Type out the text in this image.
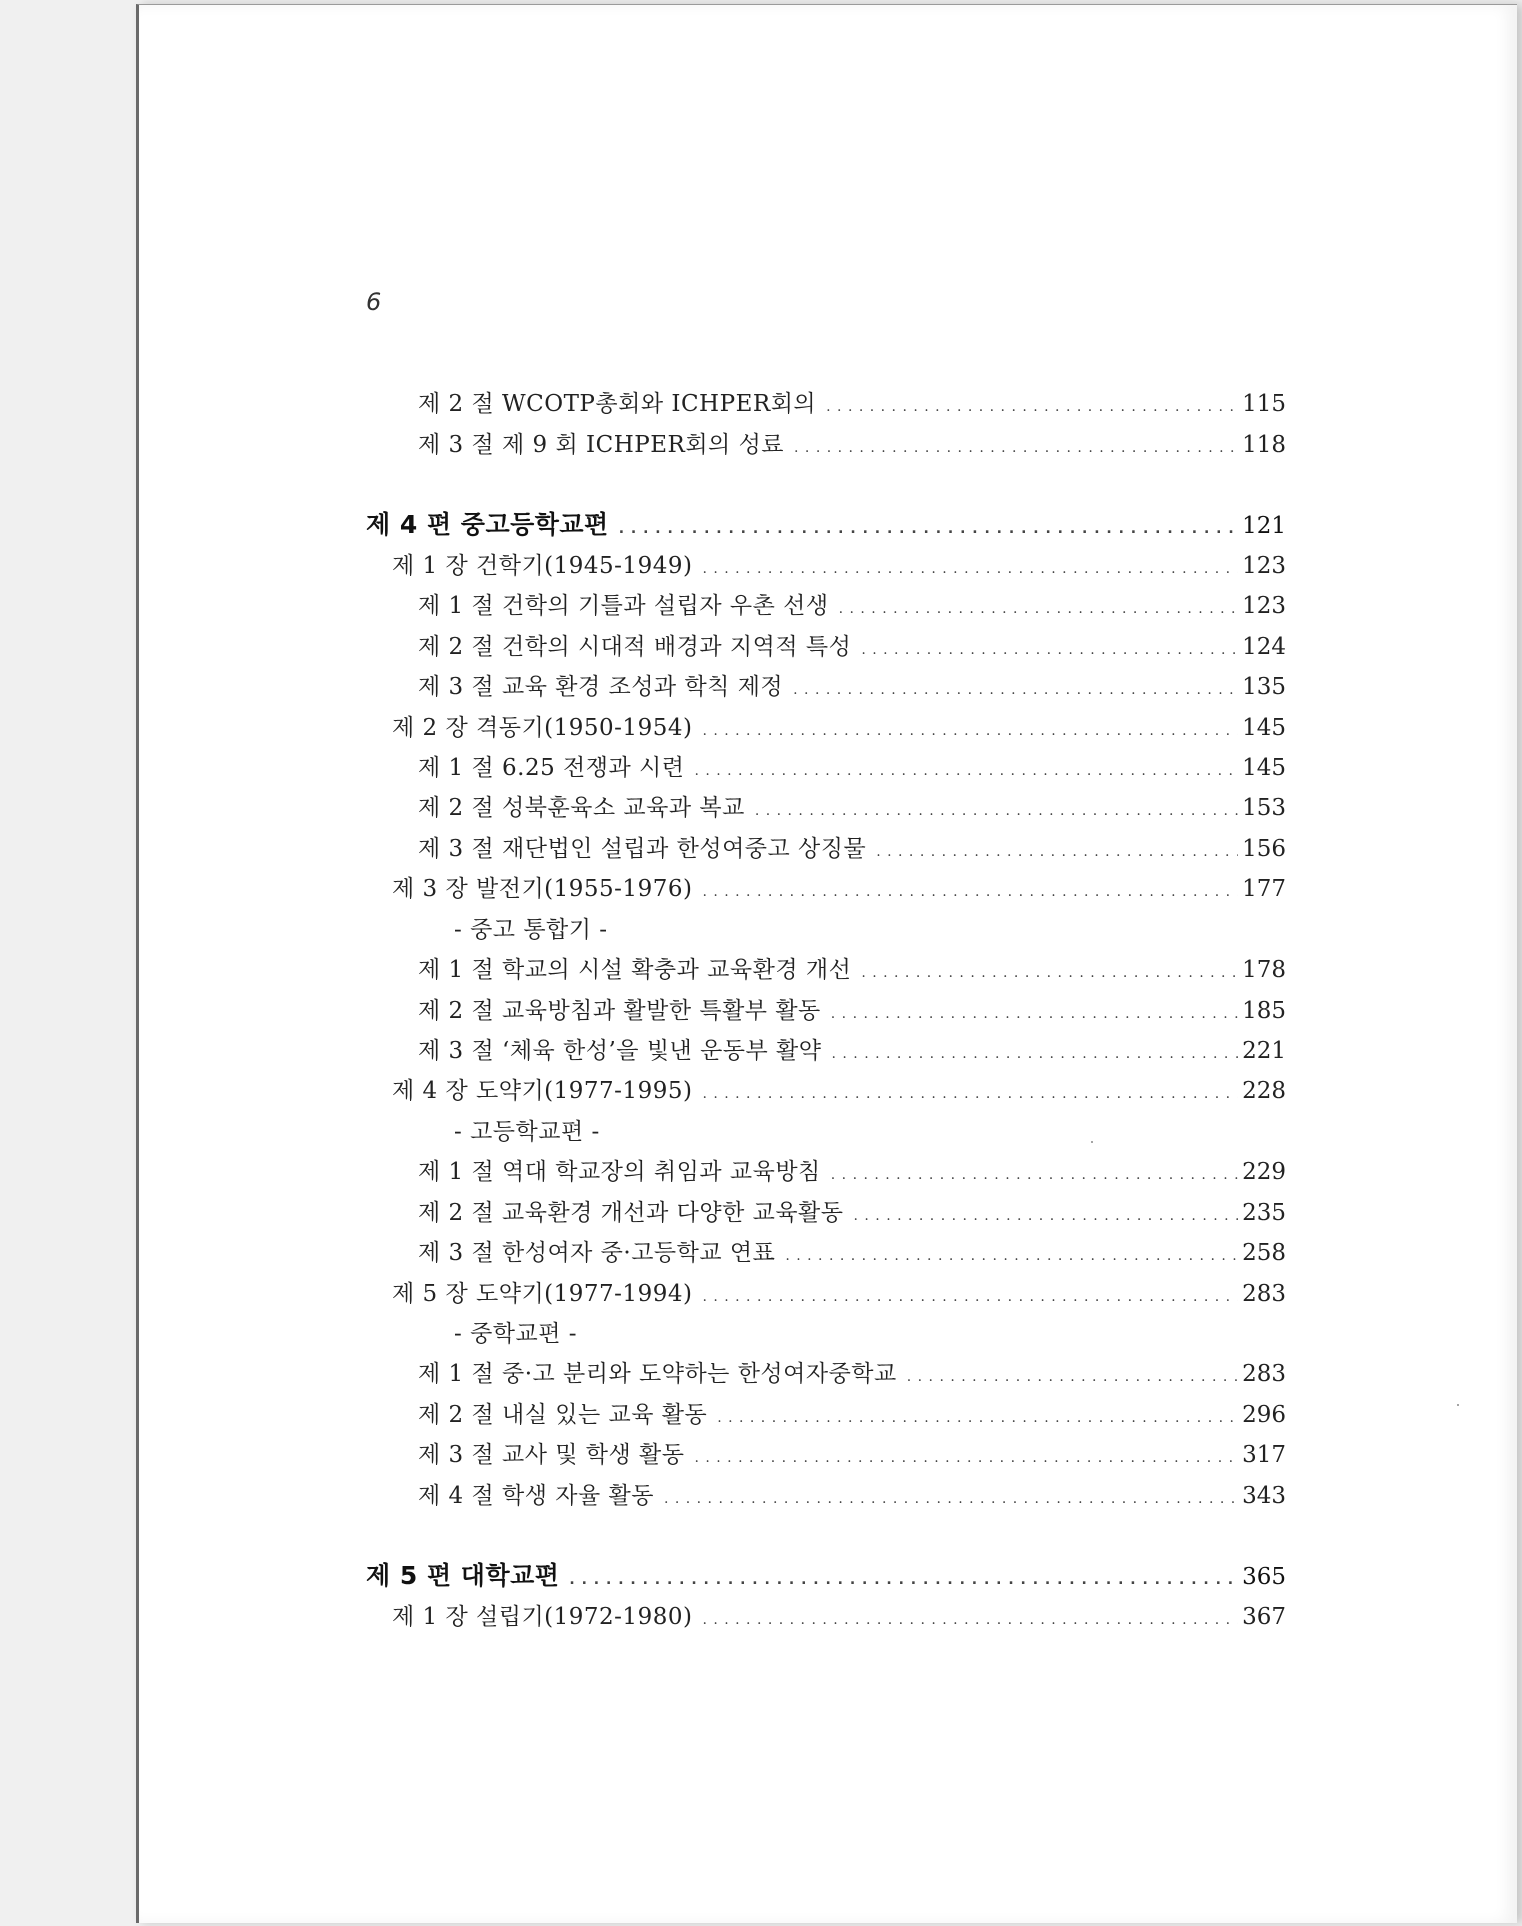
6
제 2 절 WCOTP총회와 ICHPER회의 . . .	115
제 3 절 제 9 회 ICHPER회의 성료 . . .	118
제 4 편 중고등학교편 . . .	121
제 1 장 건학기(1945-1949) . . .	123
제 1 절 건학의 기틀과 설립자 우촌 선생 . . .	123
제 2 절 건학의 시대적 배경과 지역적 특성 . . .	124
제 3 절 교육 환경 조성과 학칙 제정 . . .	135
제 2 장 격동기(1950-1954) . . .	145
제 1 절 6.25 전쟁과 시련 . . .	145
제 2 절 성북훈육소 교육과 복교 . . .	153
제 3 절 재단법인 설립과 한성여중고 상징물 . . .	156
제 3 장 발전기(1955-1976) . . .	177
- 중고 통합기 -
제 1 절 학교의 시설 확충과 교육환경 개선 . . .	178
제 2 절 교육방침과 활발한 특활부 활동 . . .	185
제 3 절 ‘체육 한성’을 빛낸 운동부 활약 . . .	221
제 4 장 도약기(1977-1995) . . .	228
- 고등학교편 -
제 1 절 역대 학교장의 취임과 교육방침 . . .	229
제 2 절 교육환경 개선과 다양한 교육활동 . . .	235
제 3 절 한성여자 중·고등학교 연표 . . .	258
제 5 장 도약기(1977-1994) . . .	283
- 중학교편 -
제 1 절 중·고 분리와 도약하는 한성여자중학교 . . .	283
제 2 절 내실 있는 교육 활동 . . .	296
제 3 절 교사 및 학생 활동 . . .	317
제 4 절 학생 자율 활동 . . .	343
제 5 편 대학교편 . . .	365
제 1 장 설립기(1972-1980) . . .	367
